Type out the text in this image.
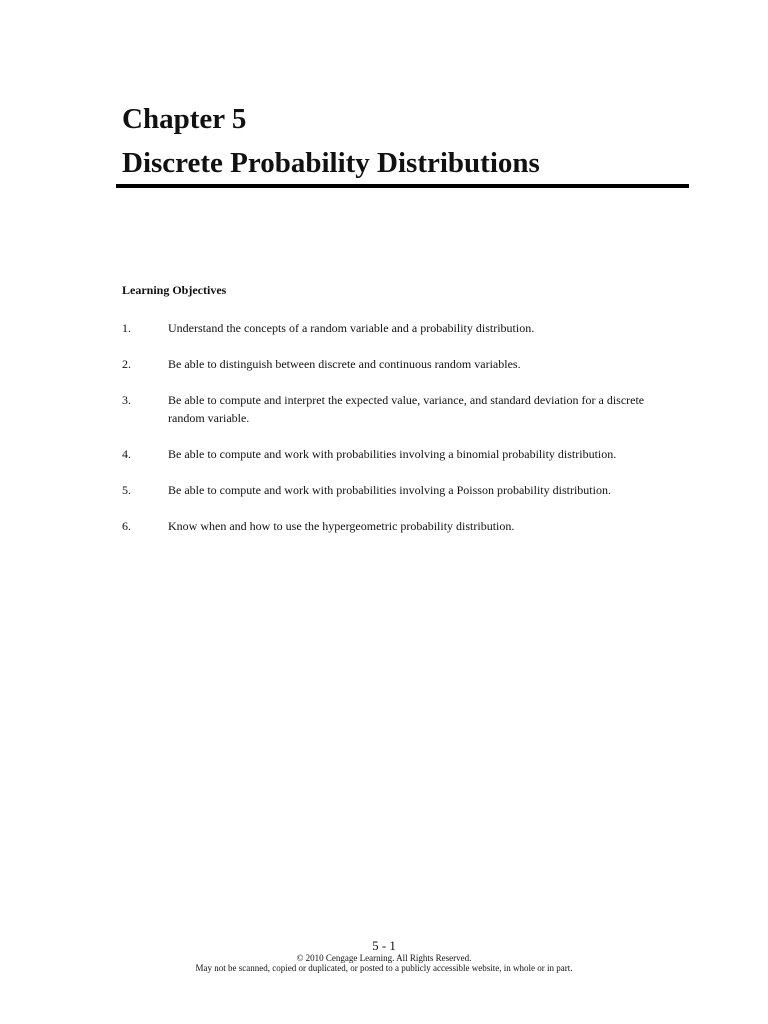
Chapter 5
Discrete Probability Distributions
Learning Objectives
1.	Understand the concepts of a random variable and a probability distribution.
2.	Be able to distinguish between discrete and continuous random variables.
3.	Be able to compute and interpret the expected value, variance, and standard deviation for a discrete random variable.
4.	Be able to compute and work with probabilities involving a binomial probability distribution.
5.	Be able to compute and work with probabilities involving a Poisson probability distribution.
6.	Know when and how to use the hypergeometric probability distribution.
5 - 1
© 2010 Cengage Learning. All Rights Reserved.
May not be scanned, copied or duplicated, or posted to a publicly accessible website, in whole or in part.
